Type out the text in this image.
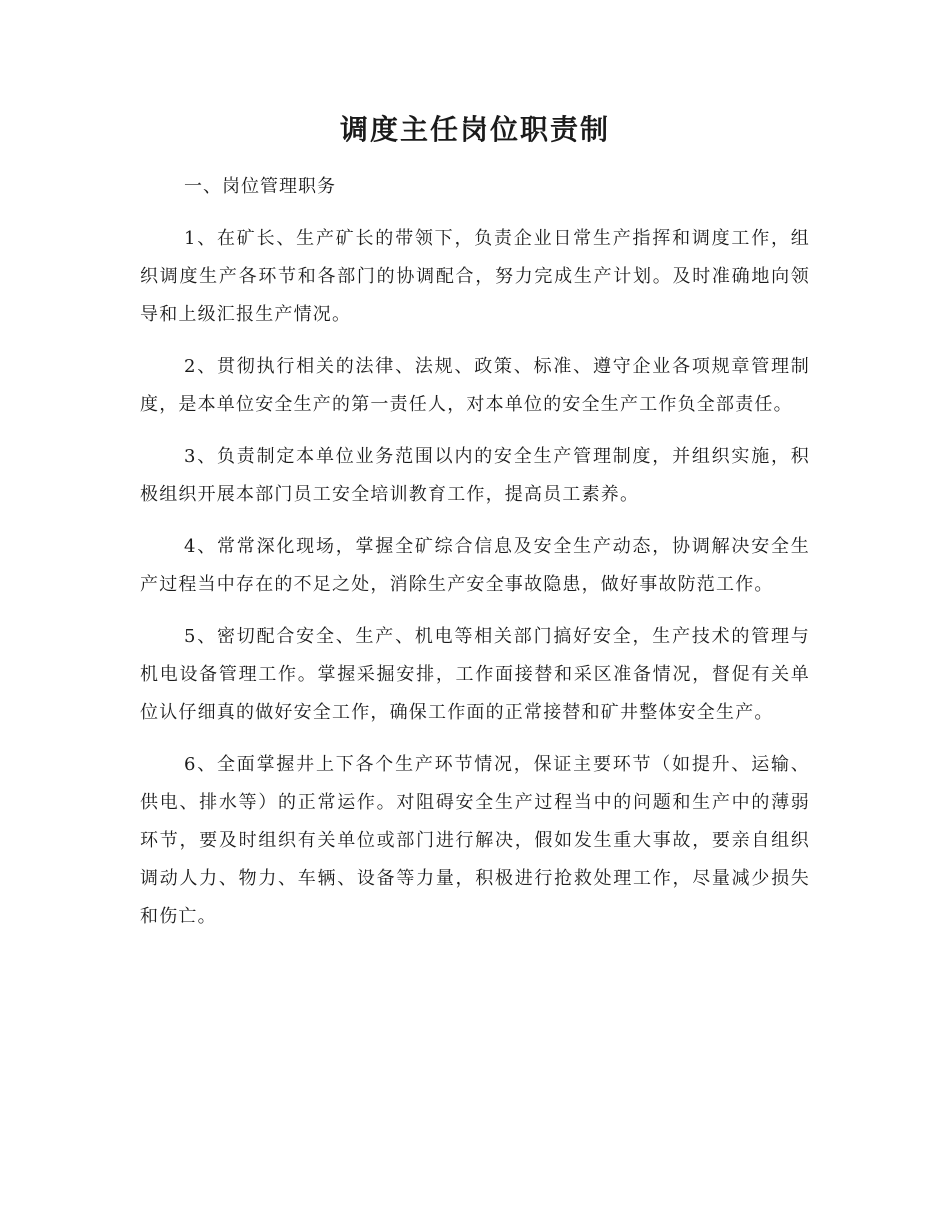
调度主任岗位职责制

一、岗位管理职务

1、在矿长、生产矿长的带领下，负责企业日常生产指挥和调度工作，组织调度生产各环节和各部门的协调配合，努力完成生产计划。及时准确地向领导和上级汇报生产情况。

2、贯彻执行相关的法律、法规、政策、标准、遵守企业各项规章管理制度，是本单位安全生产的第一责任人，对本单位的安全生产工作负全部责任。

3、负责制定本单位业务范围以内的安全生产管理制度，并组织实施，积极组织开展本部门员工安全培训教育工作，提高员工素养。

4、常常深化现场，掌握全矿综合信息及安全生产动态，协调解决安全生产过程当中存在的不足之处，消除生产安全事故隐患，做好事故防范工作。

5、密切配合安全、生产、机电等相关部门搞好安全，生产技术的管理与机电设备管理工作。掌握采掘安排，工作面接替和采区准备情况，督促有关单位认仔细真的做好安全工作，确保工作面的正常接替和矿井整体安全生产。

6、全面掌握井上下各个生产环节情况，保证主要环节（如提升、运输、供电、排水等）的正常运作。对阻碍安全生产过程当中的问题和生产中的薄弱环节，要及时组织有关单位或部门进行解决，假如发生重大事故，要亲自组织调动人力、物力、车辆、设备等力量，积极进行抢救处理工作，尽量减少损失和伤亡。
